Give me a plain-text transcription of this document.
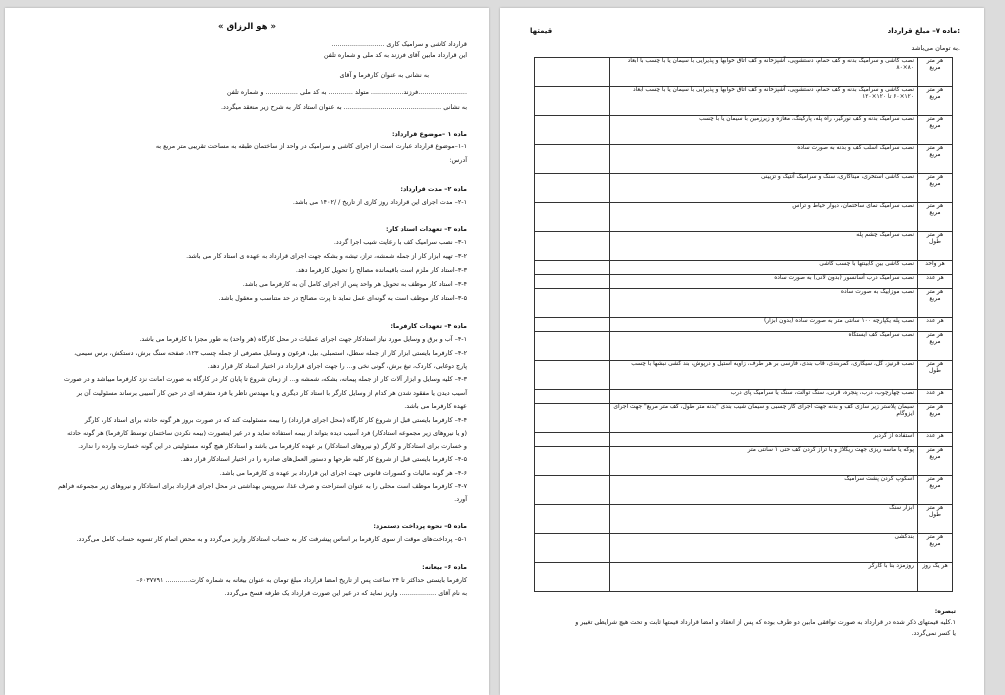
« هو الرزاق »
قرارداد کاشی و سرامیک کاری ..........................
این قرارداد مابین آقای فرزند به کد ملی و شماره تلفن
به نشانی به عنوان کارفرما و آقای
........................فرزند................ متولد ............ به کد ملی ................ و شماره تلفن
به نشانی ................................................ به عنوان استاد کار به شرح زیر منعقد میگردد.
ماده ۱ –موضوع قرارداد:
۱-۱–موضوع قرارداد عبارت است از اجرای کاشی و سرامیک در واحد از ساختمان طبقه به مساحت تقریبی متر مربع به
آدرس:
ماده ۲– مدت قرارداد:
۲-۱– مدت اجرای این قرارداد روز کاری از تاریخ / /۱۴۰۲ می باشد.
ماده ۳– تعهدات استاد کار:
۳-۱– نصب سرامیک کف با رعایت شیب اجرا گردد.
۳-۲– تهیه ابزار کار از جمله شمشه، تراز، تیشه و بشکه جهت اجرای قرارداد به عهده ی استاد کار می باشد.
۳-۳–استاد کار ملزم است باقیمانده مصالح را تحویل کارفرما دهد.
۳-۴– استاد کار موظف به تحویل هر واحد پس از اجرای کامل آن به کارفرما می باشد.
۳-۵–استاد کار موظف است به گونه‌ای عمل نماید تا پرت مصالح در حد متناسب و معقول باشد.
ماده ۴– تعهدات کارفرما:
۴-۱– آب و برق و وسایل مورد نیاز استادکار جهت اجرای عملیات در محل کارگاه (هر واحد) به طور مجزا با کارفرما می باشد.
۴-۲– کارفرما بایستی ابزار کار از جمله سطل، استمبلی، بیل، فرغون و وسایل مصرفی از جمله چسب ۱۲۳، صفحه سنگ برش، دستکش، برس سیمی،
پارچ دوغابی، کاردک، تیغ برش، گونی نخی و... را جهت اجرای قرارداد در اختیار استاد کار قرار دهد.
۴-۳– کلیه وسایل و ابزار آلات کار از جمله پیمانه، بشکه، شمشه و... از زمان شروع تا پایان کار در کارگاه به صورت امانت نزد کارفرما میباشد و در صورت
آسیب دیدن یا مفقود شدن هر کدام از وسایل کارگر با استاد کار دیگری و یا مهندس ناظر یا فرد متفرقه ای در حین کار آسیبی برساند مسئولیت آن بر
عهده کارفرما می باشد.
۴-۴– کارفرما بایستی قبل از شروع کار کارگاه (محل اجرای قرارداد) را بیمه مسئولیت کند که در صورت بروز هر گونه حادثه برای استاد کار، کارگر
(و یا نیروهای زیر مجموعه استادکار) فرد آسیب دیده بتواند از بیمه استفاده نماید و در غیر اینصورت (بیمه نکردن ساختمان توسط کارفرما) هر گونه حادثه
و خسارت برای استادکار و کارگر (و نیروهای استادکار) بر عهده کارفرما می باشد و استادکار هیچ گونه مسئولیتی در این گونه خسارت وارده را ندارد.
۴-۵– کارفرما بایستی قبل از شروع کار کلیه طرحها و دستور العمل‌های صادره را در اختیار استادکار قرار دهد.
۴-۶– هر گونه مالیات و کسورات قانونی جهت اجرای این قرارداد بر عهده ی کارفرما می باشد.
۴-۷– کارفرما موظف است محلی را به عنوان استراحت و صرف غذا، سرویس بهداشتی در محل اجرای قرارداد برای استادکار و نیروهای زیر مجموعه فراهم
آورد.
ماده ۵– نحوه پرداخت دستمزد:
۵-۱– پرداخت‌های موقت از سوی کارفرما بر اساس پیشرفت کار به حساب استادکار واریز می‌گردد و به محض اتمام کار تسویه حساب کامل می‌گردد.
ماده ۶– بیعانه:
کارفرما بایستی حداکثر تا ۲۴ ساعت پس از تاریخ امضا قرارداد مبلغ تومان به عنوان بیعانه به شماره کارت............ ۶۰۳۷۷۹۱–
به نام آقای .................. واریز نماید که در غیر این صورت قرارداد یک طرفه فسخ می‌گردد.
ماده ۷– مبلغ قرارداد:
قیمتها
به تومان می‌باشد.
هر متر مربع	نصب کاشی و سرامیک بدنه و کف حمام، دستشویی، آشپزخانه و کف اتاق خوابها و پذیرایی با سیمان یا با چسب با ابعاد ۸۰×۸۰	
هر متر مربع	نصب کاشی و سرامیک بدنه و کف حمام، دستشویی، آشپزخانه و کف اتاق خوابها و پذیرایی با سیمان یا با چسب ابعاد ۱۲۰×۶۰ تا ۱۲۰×۱۲۰	
هر متر مربع	نصب سرامیک بدنه و کف نورگیر، راه پله، پارکینگ، مغازه و زیرزمین با سیمان یا با چسب	
هر متر مربع	نصب سرامیک اسلب کف و بدنه به صورت ساده	
هر متر مربع	نصب کاشی استخری، میناکاری، سنگ و سرامیک آنتیک و تزیینی	
هر متر مربع	نصب سرامیک نمای ساختمان، دیوار حیاط و تراس	
هر متر طول	نصب سرامیک چشم پله	
هر واحد	نصب کاشی بین کابینتها با چسب کاشی	
هر عدد	نصب سرامیک درب آسانسور (بدون لانی) به صورت ساده	
هر متر مربع	نصب موزاییک به صورت ساده	
هر عدد	نصب پله یکپارچه ۱۰۰ سانتی متر به صورت ساده (بدون ابزار)	
هر متر مربع	نصب سرامیک کف ایستگاه	
هر متر طول	نصب قرنیز، گل، سیگاری، کمربندی، قاب بندی، فارسی بر هر طرف، زاویه استیل و درپوش، بند کشی نبشها با چسب	
هر عدد	نصب چهارچوب، درب، پنجره، قرنی، سنگ توالت، سنگ یا سرامیک پای درب	
هر متر مربع	سیمان پلاستر زیر سازی کف و بدنه جهت اجرای کار چسبی و سیمان شیب بندی "بدنه متر طول، کف متر مربع" جهت اجرای ایزوگام	
هر عدد	استفاده از گردبر	
هر متر مربع	پوکه یا ماسه ریزی جهت ریگلاژ و یا تراز کردن کف حتی ۱ سانتی متر	
هر متر مربع	اسکوپ کردن پشت سرامیک	
هر متر طول	ابزار سنگ	
هر متر مربع	بندکشی	
هر یک روز	روزمزد بنا با کارگر	
تبصره:
۱.کلیه قیمتهای ذکر شده در قرارداد به صورت توافقی مابین دو طرف بوده که پس از انعقاد و امضا قرارداد قیمتها ثابت و تحت هیچ شرایطی تغییر و
یا کسر نمی‌گردد.
